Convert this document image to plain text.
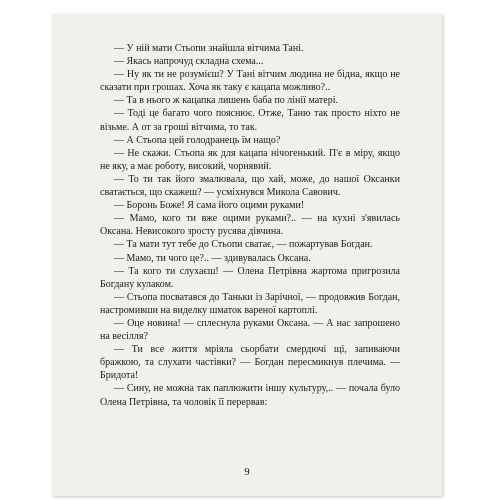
— У ній мати Стьопи знайшла вітчима Тані.

— Якась напрочуд складна схема...

— Ну як ти не розумієш? У Тані вітчим людина не бідна, якщо не сказати при грошах. Хоча як таку є кацапа можливо?..

— Та в нього ж кацапка лишень баба по лінії матері.

— Тоді це багато чого пояснює. Отже, Таню так просто ніхто не візьме. А от за гроші вітчима, то так.

— А Стьопа цей голодранець їм нащо?

— Не скажи. Стьопа як для кацапа нічогенький. П'є в міру, якщо не яку, а має роботу, високий, чорнявий.

— То ти так його змалювала, що хай, може, до нашої Оксанки сватається, що скажеш? — усміхнувся Микола Савович.

— Боронь Боже! Я сама його оцими руками!

— Мамо, кого ти вже оцими руками?.. — на кухні з'явилась Оксана. Невисокого зросту русява дівчина.

— Та мати тут тебе до Стьопи сватає, — пожартував Богдан.

— Мамо, ти чого це?.. — здивувалась Оксана.

— Та кого ти слухаєш! — Олена Петрівна жартома пригрозила Богдану кулаком.

— Стьопа посватався до Таньки із Зарічної, — продовжив Богдан, настромивши на виделку шматок вареної картоплі.

— Оце новина! — сплеснула руками Оксана. — А нас запрошено на весілля?

— Ти все життя мріяла сьорбати смердючі щі, запиваючи бражкою, та слухати частівки? — Богдан пересмикнув плечима. — Бридота!

— Сину, не можна так паплюжити іншу культуру,.. — почала було Олена Петрівна, та чоловік її перервав:

9
